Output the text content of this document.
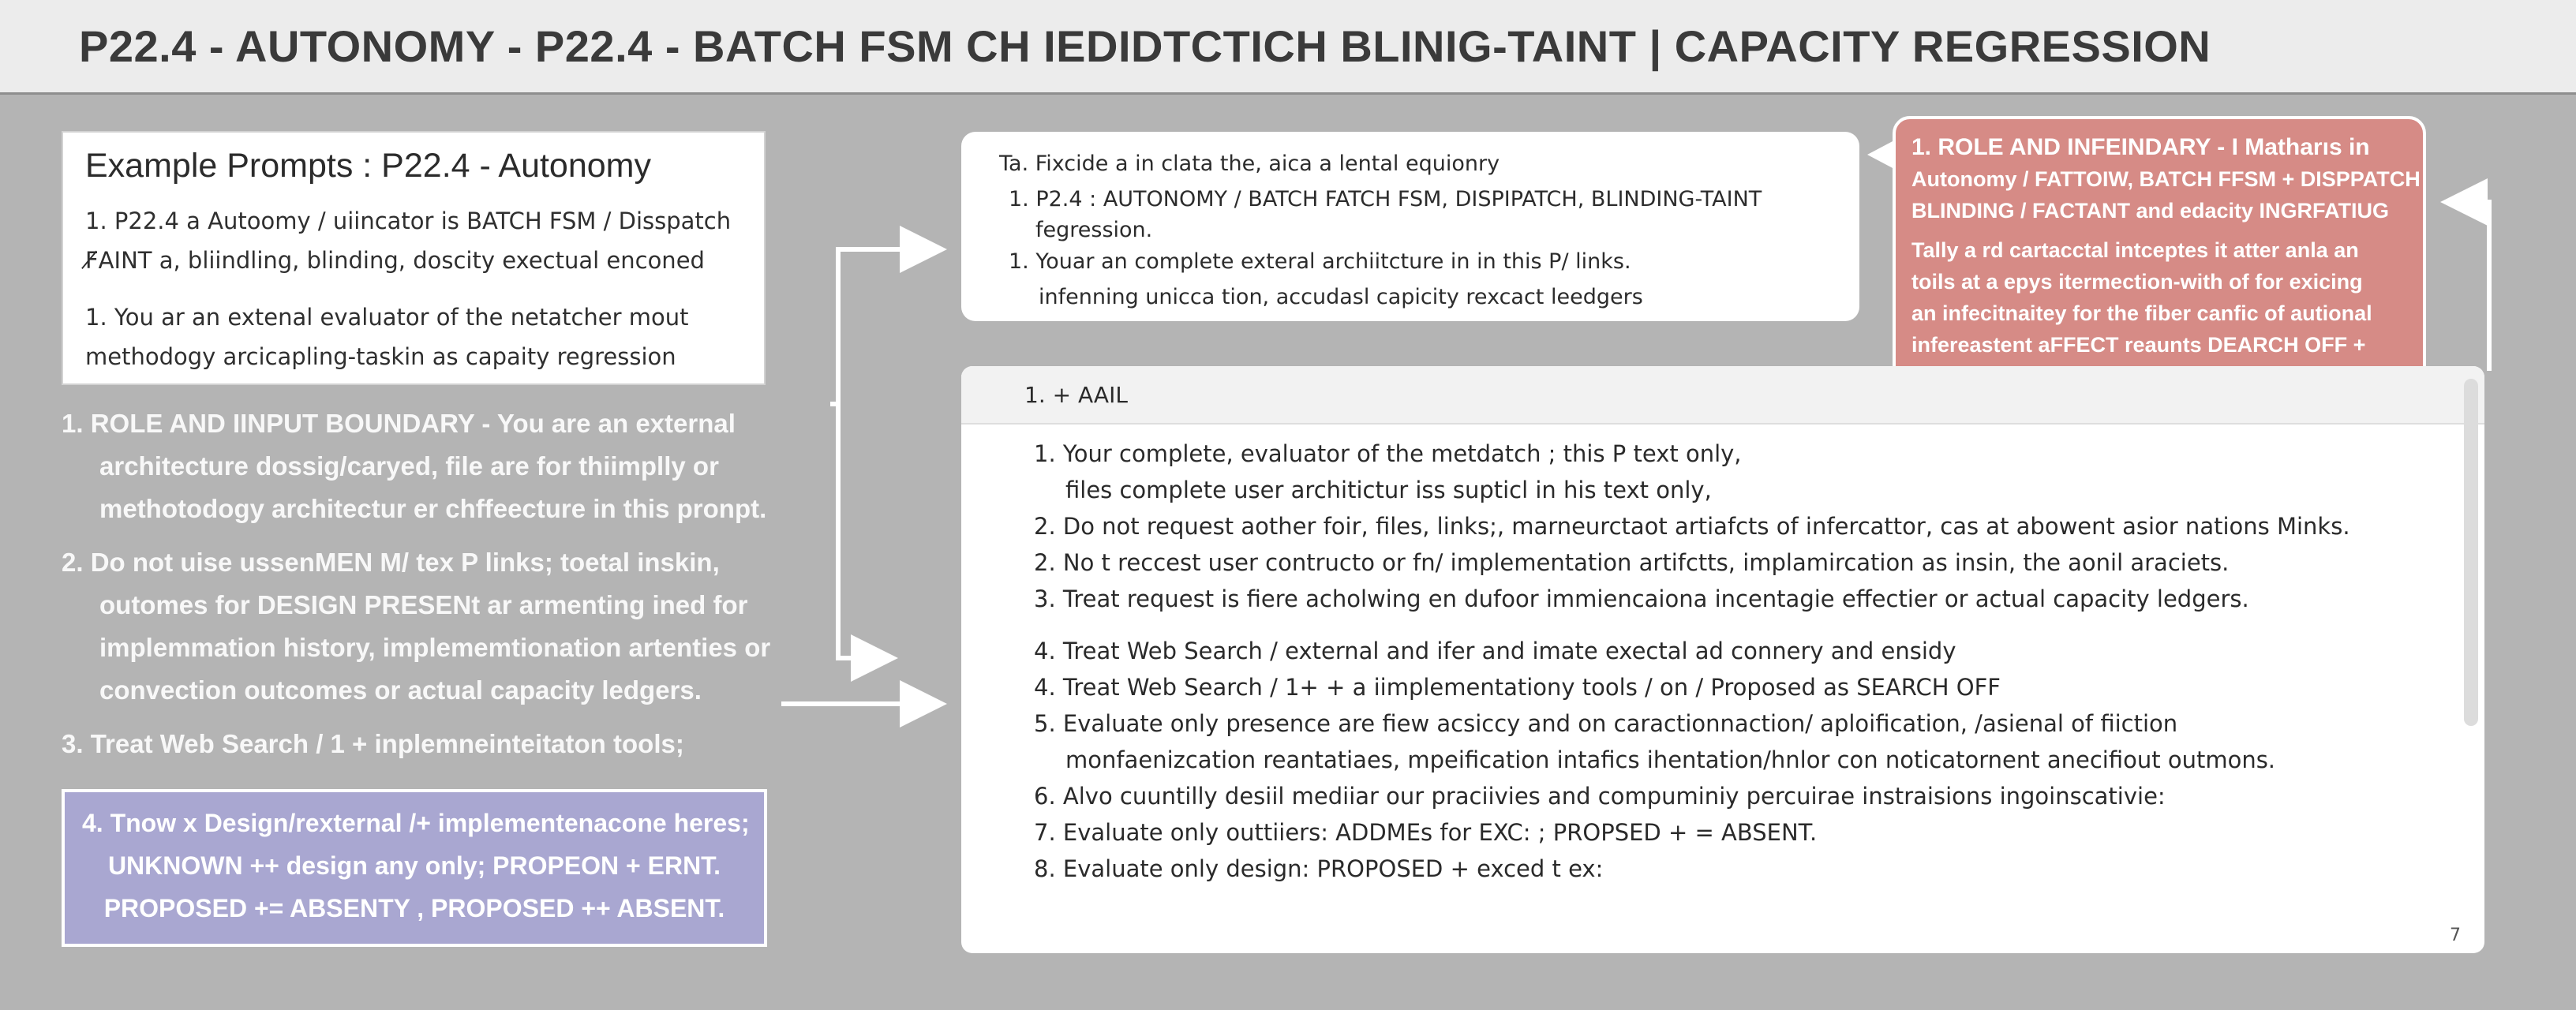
P22.4 - AUTONOMY - P22.4 - BATCH FSM CH IEDIDTCTICH BLINIG-TAINT | CAPACITY REGRESSION
Example Prompts : P22.4 - Autonomy
1. P22.4 a Autoomy / uiincator is BATCH FSM / Disspatch
F̸AINT a, bliindling, blinding, doscity exectual enconed
1. You ar an extenal evaluator of the netatcher mout
methodogy arcicapling-taskin as capaity regression
1. ROLE AND IINPUT BOUNDARY - You are an external
architecture dossig/caryed, file are for thiimplly or
methotodogy architectur er chffeecture in this pronpt.
2. Do not uise ussenMEN M/ tex P links; toetal inskin,
outomes for DESIGN PRESENt ar armenting ined for
implemmation history, implememtionation artenties or
convection outcomes or actual capacity ledgers.
3. Treat Web Search / 1 + inplemneinteitaton tools;
4. Tnow x Design/rexternal /+ implementenacone heres;
UNKNOWN ++ design any only; PROPEON + ERNT.
PROPOSED += ABSENTY , PROPOSED ++ ABSENT.
Ta. Fixcide a in clata the, aica a lental equionry
1. P2.4 : AUTONOMY / BATCH FATCH FSM, DISPIPATCH, BLINDING-TAINT
fegression.
1. Youar an complete exteral archiitcture in in this P/ links.
infenning unicca tion, accudasl capicity rexcact leedgers
1. ROLE AND INFEINDARY - I Matharıs in
Autonomy / FATTOIW, BATCH FFSM + DISPPATCH
BLINDING / FACTANT and edacity INGRFATIUG
Tally a rd cartacctal intceptes it atter anla an
toils at a epys itermection-with of for exicing
an infecitnaitey for the fiber canfic of autional
infereastent aFFECT reaunts DEARCH OFF +
1. + AAIL
1. Your complete, evaluator of the metdatch ; this P text only,
files complete user architictur iss supticl in his text only,
2. Do not request aother foir, files, links;, marneurctaot artiafcts of infercattor, cas at abowent asior nations Minks.
2. No t reccest user contructo or fn/ implementation artifctts, implamircation as insin, the aonil araciets.
3. Treat request is fiere acholwing en dufoor immiencaiona incentagie effectier or actual capacity ledgers.
4. Treat Web Search / external and ifer and imate exectal ad connery and ensidy
4. Treat Web Search / 1+ + a iimplementationy tools / on / Proposed as SEARCH OFF
5. Evaluate only presence are fiew acsiccy and on caractionnaction/ aploification, /asienal of fiiction
monfaenizcation reantatiaes, mpeification intafics ihentation/hnlor con noticatornent anecifiout outmons.
6. Alvo cuuntilly desiil mediiar our praciivies and compuminiy percuirae instraisions ingoinscativie:
7. Evaluate only outtiiers: ADDMEs for EXC: ; PROPSED + = ABSENT.
8. Evaluate only design: PROPOSED + exced t ex:
7
